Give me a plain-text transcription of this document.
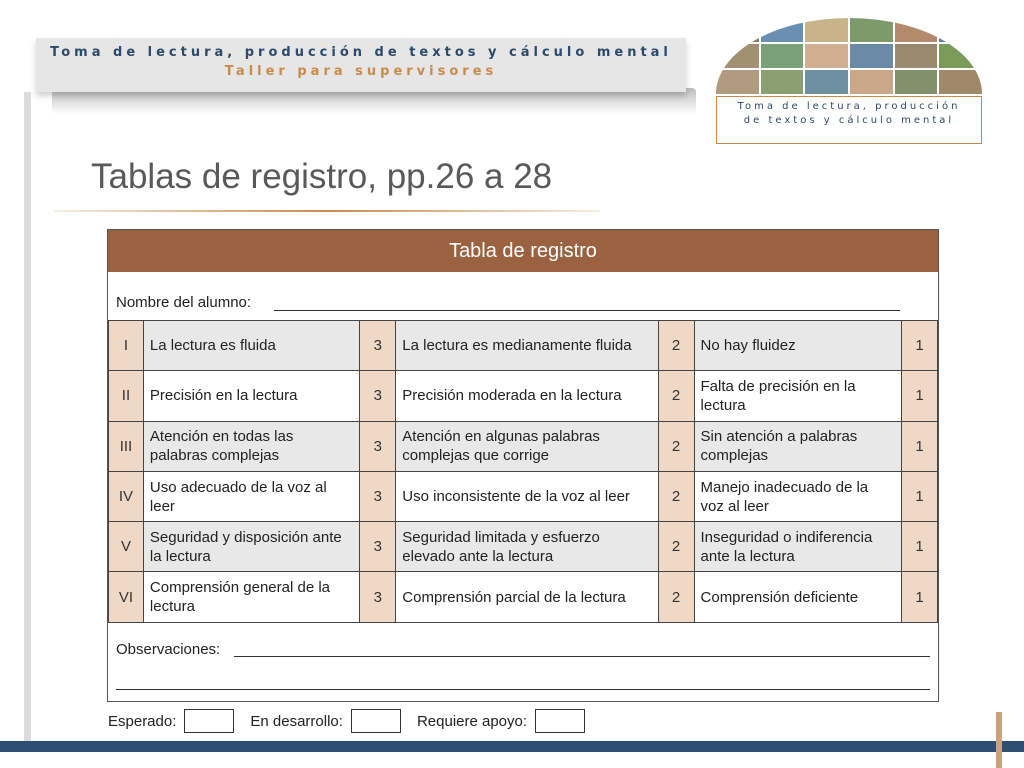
Toma de lectura, producción de textos y cálculo mental
Taller para supervisores
Toma de lectura, producción
de textos y cálculo mental
Tablas de registro, pp.26 a 28
Tabla de registro
Nombre del alumno:
I	La lectura es fluida	3	La lectura es medianamente fluida	2	No hay fluidez	1
II	Precisión en la lectura	3	Precisión moderada en la lectura	2	Falta de precisión en la lectura	1
III	Atención en todas las palabras complejas	3	Atención en algunas palabras complejas que corrige	2	Sin atención a palabras complejas	1
IV	Uso adecuado de la voz al leer	3	Uso inconsistente de la voz al leer	2	Manejo inadecuado de la voz al leer	1
V	Seguridad y disposición ante la lectura	3	Seguridad limitada y esfuerzo elevado ante la lectura	2	Inseguridad o indiferencia ante la lectura	1
VI	Comprensión general de la lectura	3	Comprensión parcial de la lectura	2	Comprensión deficiente	1
Observaciones:
Esperado:	En desarrollo:	Requiere apoyo:
